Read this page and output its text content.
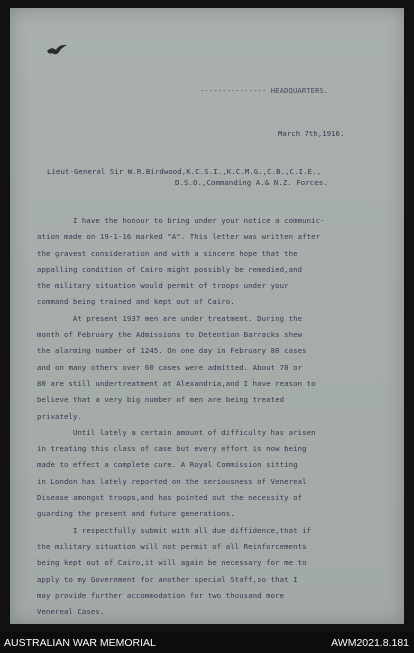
--------------- HEADQUARTERS.
March 7th,1916.
Lieut-General Sir W.R.Birdwood,K.C.S.I.,K.C.M.G.,C.B.,C.I.E.,
D.S.O.,Commanding A.& N.Z. Forces.
I have the honour to bring under your notice a communic-
ation made on 19-1-16 marked "A". This letter was written after
the gravest consideration and with a sincere hope that the
appalling condition of Cairo might possibly be remedied,and
the military situation would permit of troops under your
command being trained and kept out of Cairo.
At present 1937 men are under treatment. During the
month of February the Admissions to Detention Barracks shew
the alarming number of 1245. On one day in February 80 cases
and on many others over 60 cases were admitted. About 70 or
80 are still undertreatment at Alexandria,and I have reason to
believe that a very big number of men are being treated
privately.
Until lately a certain amount of difficulty has arisen
in treating this class of case but every effort is now being
made to effect a complete cure. A Royal Commission sitting
in London has lately reported on the seriousness of Venereal
Disease amongst troops,and has pointed out the necessity of
guarding the present and future generations.
I respectfully submit with all due diffidence,that if
the military situation will not permit of all Reinforcements
being kept out of Cairo,it will again be necessary for me to
apply to my Government for another special Staff,so that I
may provide further accommodation for two thousand more
Venereal Cases.
AUSTRALIAN WAR MEMORIAL	AWM2021.8.181
